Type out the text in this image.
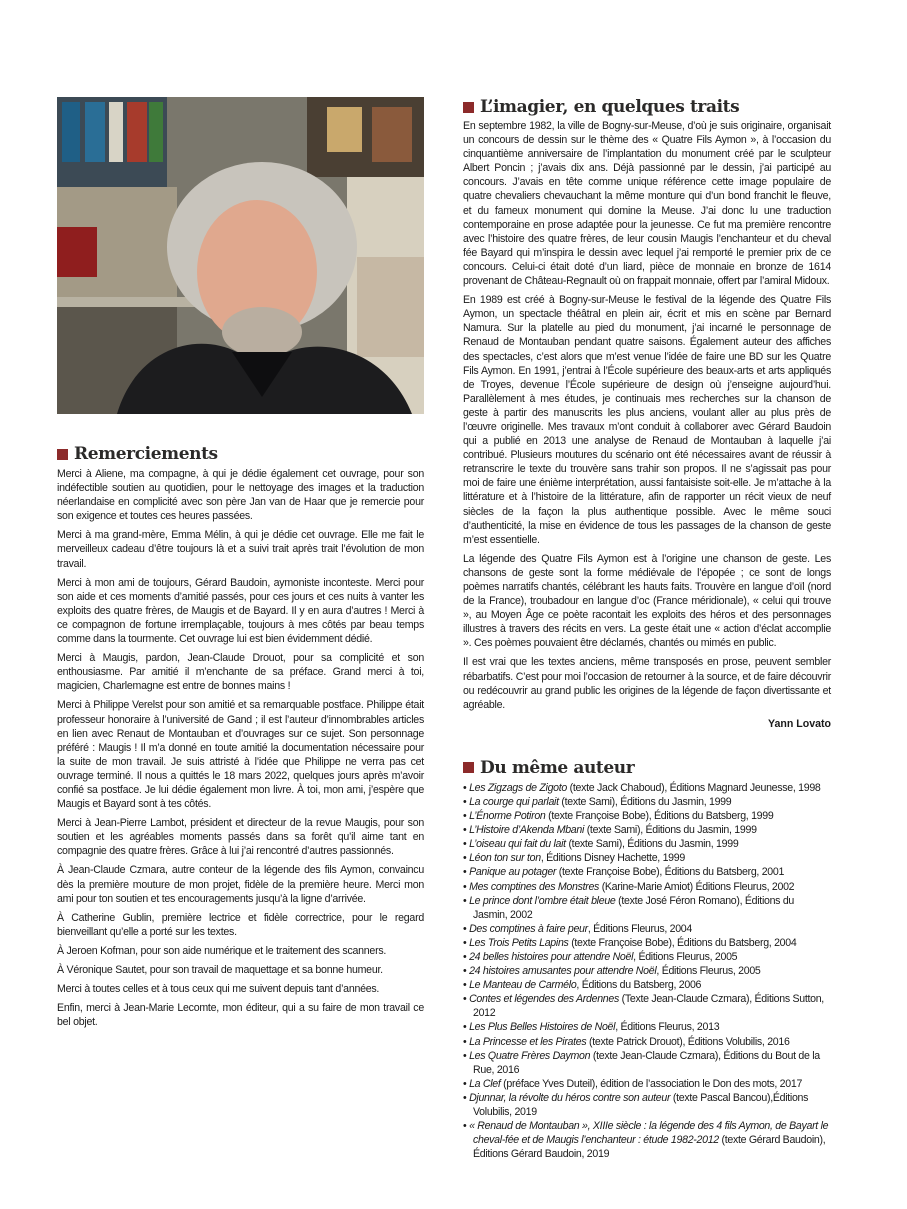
Remerciements

Merci à Aliene, ma compagne, à qui je dédie également cet ouvrage, pour son indéfectible soutien au quotidien, pour le nettoyage des images et la traduction néerlandaise en complicité avec son père Jan van de Haar que je remercie pour son exigence et toutes ces heures passées.

Merci à ma grand-mère, Emma Mélin, à qui je dédie cet ouvrage. Elle me fait le merveilleux cadeau d’être toujours là et a suivi trait après trait l’évolution de mon travail.

Merci à mon ami de toujours, Gérard Baudoin, aymoniste inconteste. Merci pour son aide et ces moments d’amitié passés, pour ces jours et ces nuits à vanter les exploits des quatre frères, de Maugis et de Bayard. Il y en aura d’autres ! Merci à ce compagnon de fortune irremplaçable, toujours à mes côtés par beau temps comme dans la tourmente. Cet ouvrage lui est bien évidemment dédié.

Merci à Maugis, pardon, Jean-Claude Drouot, pour sa complicité et son enthousiasme. Par amitié il m’enchante de sa préface. Grand merci à toi, magicien, Charlemagne est entre de bonnes mains !

Merci à Philippe Verelst pour son amitié et sa remarquable postface. Philippe était professeur honoraire à l’université de Gand ; il est l’auteur d’innombrables articles en lien avec Renaut de Montauban et d’ouvrages sur ce sujet. Son personnage préféré : Maugis ! Il m’a donné en toute amitié la documentation nécessaire pour la suite de mon travail. Je suis attristé à l’idée que Philippe ne verra pas cet ouvrage terminé. Il nous a quittés le 18 mars 2022, quelques jours après m’avoir confié sa postface. Je lui dédie également mon livre. À toi, mon ami, j’espère que Maugis et Bayard sont à tes côtés.

Merci à Jean-Pierre Lambot, président et directeur de la revue Maugis, pour son soutien et les agréables moments passés dans sa forêt qu’il aime tant en compagnie des quatre frères. Grâce à lui j’ai rencontré d’autres passionnés.

À Jean-Claude Czmara, autre conteur de la légende des fils Aymon, convaincu dès la première mouture de mon projet, fidèle de la première heure. Merci mon ami pour ton soutien et tes encouragements jusqu’à la ligne d’arrivée.

À Catherine Gublin, première lectrice et fidèle correctrice, pour le regard bienveillant qu’elle a porté sur les textes.

À Jeroen Kofman, pour son aide numérique et le traitement des scanners.

À Véronique Sautet, pour son travail de maquettage et sa bonne humeur.

Merci à toutes celles et à tous ceux qui me suivent depuis tant d’années.

Enfin, merci à Jean-Marie Lecomte, mon éditeur, qui a su faire de mon travail ce bel objet.

L’imagier, en quelques traits

En septembre 1982, la ville de Bogny-sur-Meuse, d’où je suis originaire, organisait un concours de dessin sur le thème des « Quatre Fils Aymon », à l’occasion du cinquantième anniversaire de l’implantation du monument créé par le sculpteur Albert Poncin ; j’avais dix ans. Déjà passionné par le dessin, j’ai participé au concours. J’avais en tête comme unique référence cette image populaire de quatre chevaliers chevauchant la même monture qui d’un bond franchit le fleuve, et du fameux monument qui domine la Meuse. J’ai donc lu une traduction contemporaine en prose adaptée pour la jeunesse. Ce fut ma première rencontre avec l’histoire des quatre frères, de leur cousin Maugis l’enchanteur et du cheval fée Bayard qui m’inspira le dessin avec lequel j’ai remporté le premier prix de ce concours. Celui-ci était doté d’un liard, pièce de monnaie en bronze de 1614 provenant de Château-Regnault où on frappait monnaie, offert par l’amiral Midoux.

En 1989 est créé à Bogny-sur-Meuse le festival de la légende des Quatre Fils Aymon, un spectacle théâtral en plein air, écrit et mis en scène par Bernard Namura. Sur la platelle au pied du monument, j’ai incarné le personnage de Renaud de Montauban pendant quatre saisons. Également auteur des affiches des spectacles, c’est alors que m’est venue l’idée de faire une BD sur les Quatre Fils Aymon. En 1991, j’entrai à l’École supérieure des beaux-arts et arts appliqués de Troyes, devenue l’École supérieure de design où j’enseigne aujourd’hui. Parallèlement à mes études, je continuais mes recherches sur la chanson de geste à partir des manuscrits les plus anciens, voulant aller au plus près de l’œuvre originelle. Mes travaux m’ont conduit à collaborer avec Gérard Baudoin qui a publié en 2013 une analyse de Renaud de Montauban à laquelle j’ai contribué. Plusieurs moutures du scénario ont été nécessaires avant de réussir à retranscrire le texte du trouvère sans trahir son propos. Il ne s’agissait pas pour moi de faire une énième interprétation, aussi fantaisiste soit-elle. Je m’attache à la littérature et à l’histoire de la littérature, afin de rapporter un récit vieux de neuf siècles de la façon la plus authentique possible. Avec le même souci d’authenticité, la mise en évidence de tous les passages de la chanson de geste m’est essentielle.

La légende des Quatre Fils Aymon est à l’origine une chanson de geste. Les chansons de geste sont la forme médiévale de l’épopée ; ce sont de longs poèmes narratifs chantés, célébrant les hauts faits. Trouvère en langue d’oïl (nord de la France), troubadour en langue d’oc (France méridionale), « celui qui trouve », au Moyen Âge ce poète racontait les exploits des héros et des personnages illustres à travers des récits en vers. La geste était une « action d’éclat accomplie ». Ces poèmes pouvaient être déclamés, chantés ou mimés en public.

Il est vrai que les textes anciens, même transposés en prose, peuvent sembler rébarbatifs. C’est pour moi l’occasion de retourner à la source, et de faire découvrir ou redécouvrir au grand public les origines de la légende de façon divertissante et agréable.

Yann Lovato

Du même auteur
• Les Zigzags de Zigoto (texte Jack Chaboud), Éditions Magnard Jeunesse, 1998
• La courge qui parlait (texte Sami), Éditions du Jasmin, 1999
• L’Énorme Potiron (texte Françoise Bobe), Éditions du Batsberg, 1999
• L’Histoire d’Akenda Mbani (texte Sami), Éditions du Jasmin, 1999
• L’oiseau qui fait du lait (texte Sami), Éditions du Jasmin, 1999
• Léon ton sur ton, Éditions Disney Hachette, 1999
• Panique au potager (texte Françoise Bobe), Éditions du Batsberg, 2001
• Mes comptines des Monstres (Karine-Marie Amiot) Éditions Fleurus, 2002
• Le prince dont l’ombre était bleue (texte José Féron Romano), Éditions du Jasmin, 2002
• Des comptines à faire peur, Éditions Fleurus, 2004
• Les Trois Petits Lapins (texte Françoise Bobe), Éditions du Batsberg, 2004
• 24 belles histoires pour attendre Noël, Éditions Fleurus, 2005
• 24 histoires amusantes pour attendre Noël, Éditions Fleurus, 2005
• Le Manteau de Carmélo, Éditions du Batsberg, 2006
• Contes et légendes des Ardennes (Texte Jean-Claude Czmara), Éditions Sutton, 2012
• Les Plus Belles Histoires de Noël, Éditions Fleurus, 2013
• La Princesse et les Pirates (texte Patrick Drouot), Éditions Volubilis, 2016
• Les Quatre Frères Daymon (texte Jean-Claude Czmara), Éditions du Bout de la Rue, 2016
• La Clef (préface Yves Duteil), édition de l’association le Don des mots, 2017
• Djunnar, la révolte du héros contre son auteur (texte Pascal Bancou),Éditions Volubilis, 2019
• « Renaud de Montauban », XIIIe siècle : la légende des 4 fils Aymon, de Bayart le cheval-fée et de Maugis l’enchanteur : étude 1982-2012 (texte Gérard Baudoin), Éditions Gérard Baudoin, 2019
